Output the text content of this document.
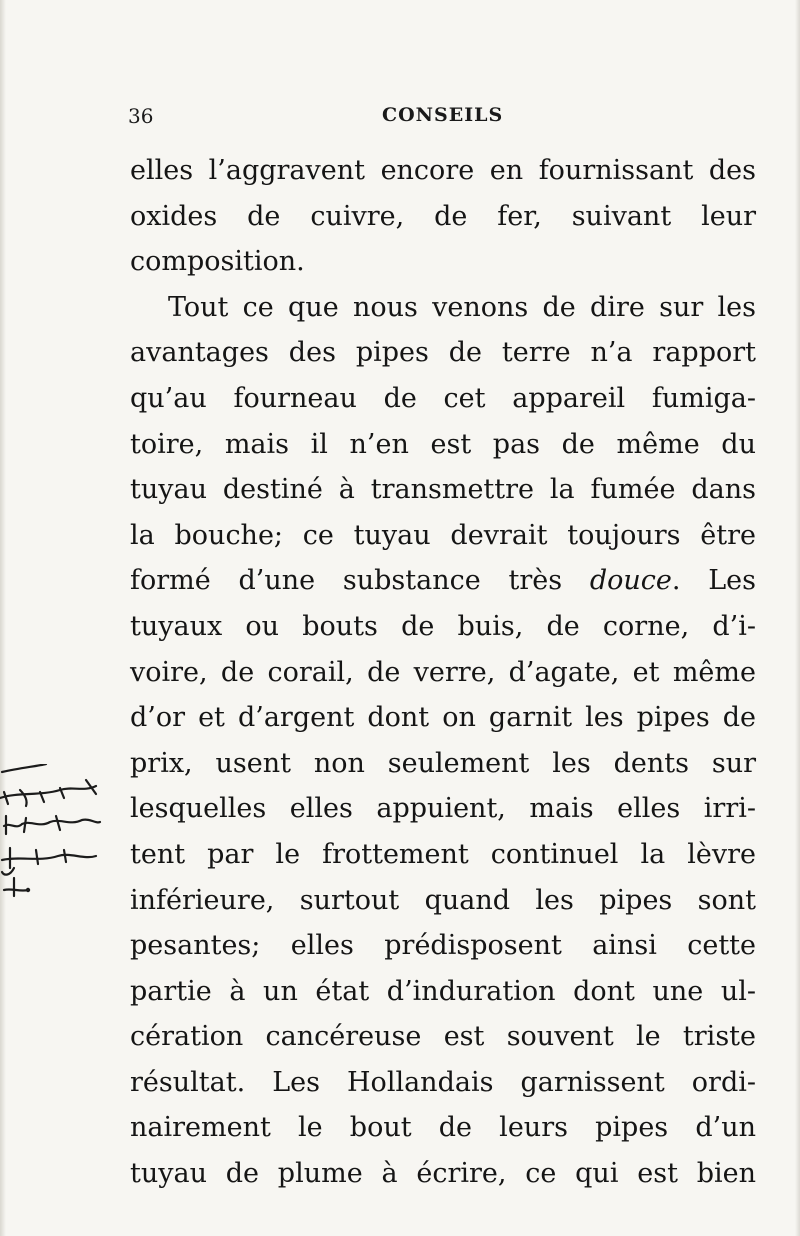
36	CONSEILS
elles l’aggravent encore en fournissant des
oxides de cuivre, de fer, suivant leur
composition.
Tout ce que nous venons de dire sur les
avantages des pipes de terre n’a rapport
qu’au fourneau de cet appareil fumiga-
toire, mais il n’en est pas de même du
tuyau destiné à transmettre la fumée dans
la bouche; ce tuyau devrait toujours être
formé d’une substance très douce. Les
tuyaux ou bouts de buis, de corne, d’i-
voire, de corail, de verre, d’agate, et même
d’or et d’argent dont on garnit les pipes de
prix, usent non seulement les dents sur
lesquelles elles appuient, mais elles irri-
tent par le frottement continuel la lèvre
inférieure, surtout quand les pipes sont
pesantes; elles prédisposent ainsi cette
partie à un état d’induration dont une ul-
cération cancéreuse est souvent le triste
résultat. Les Hollandais garnissent ordi-
nairement le bout de leurs pipes d’un
tuyau de plume à écrire, ce qui est bien
